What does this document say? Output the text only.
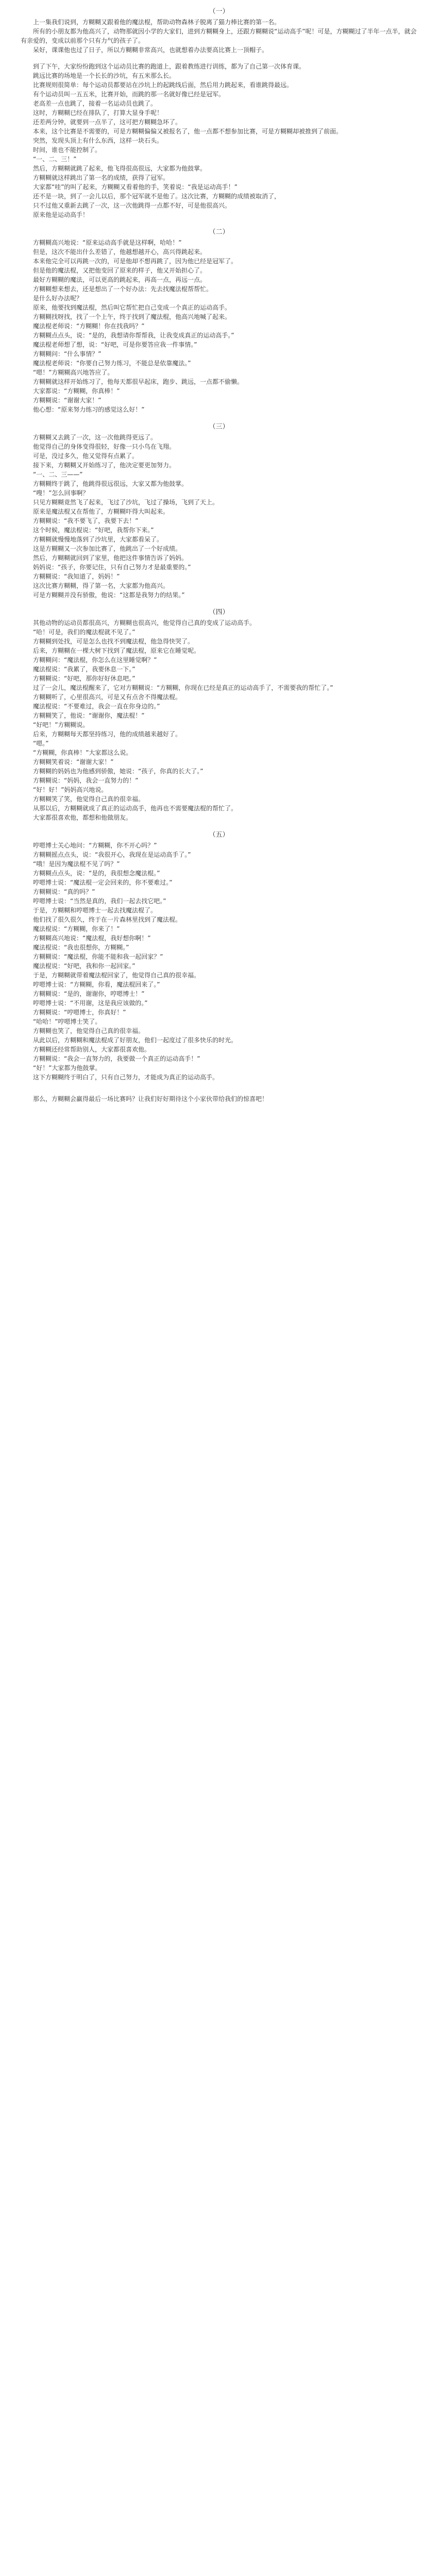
（一）

上一集我们说到，方糊糊又跟着他的魔法棍，帮助动物森林子脱离了猫力棒比赛的第一名。

所有的小朋友都为他高兴了，动物那就因小学的大家们，进到方糊糊身上，还跟方糊糊说“运动高手”呢！可是，方糊糊过了半年一点半，就会有亲爱的，变成以前那个只有力气的孩子了。

呆好，课课他也过了日子，所以方糊糊非常高兴，也就想着办法要高比赛上一顶帽子。

到了下午，大家纷纷跑到这个运动员比赛的跑道上，跟着教练进行训练，都为了自己第一次体育课。

跳远比赛的场地是一个长长的沙坑，有五米那么长。

比赛规则很简单：每个运动员都要站在沙坑上的起跳线后面，然后用力跳起来，看谁跳得最远。

有个运动员叫一五五米，比赛开始，而跳的那一名就好像已经是冠军。

老高差一点也跳了，接着一名运动员也跳了。

这时，方糊糊已经在排队了，打算大显身手呢！

还差两分钟，就要到一点半了，这可把方糊糊急坏了。

本来，这个比赛是不需要的，可是方糊糊偏偏又被报名了，他一点都不想参加比赛，可是方糊糊却被推到了前面。

突然，发现头顶上有什么东西，这样一块石头。

时间，谁也不能控制了。

“一、二、三！”

然后，方糊糊就跳了起来，他飞得很高很远，大家都为他鼓掌。

方糊糊就这样跳出了第一名的成绩，获得了冠军。

大家都“哇”的叫了起来，方糊糊又看着他的手，笑着说：“我是运动高手！”

还不是一块，到了一会儿以后，那个冠军就不是他了。这次比赛，方糊糊的成绩被取消了，

只不过他又重新去跳了一次，这一次他跳得一点都不好，可是他很高兴。

原来他是运动高手！

（二）

方糊糊高兴地说：“原来运动高手就是这样啊，哈哈！”

但是，这次不能出什么差错了，他越想越开心，高兴得跳起来。

本来他完全可以再跳一次的，可是他却不想再跳了，因为他已经是冠军了。

但是他的魔法棍，又把他变回了原来的样子，他又开始担心了。

最好方糊糊的魔法，可以更高的跳起来，再高一点，再远一点。

方糊糊想来想去，还是想出了一个好办法：先去找魔法棍帮帮忙。

是什么好办法呢？

原来，他要找到魔法棍，然后叫它帮忙把自己变成一个真正的运动高手。

方糊糊找呀找，找了一个上午，终于找到了魔法棍，他高兴地喊了起来。

魔法棍老师说：“方糊糊！你在找我吗？”

方糊糊点点头，说：“是的，我想请你帮帮我，让我变成真正的运动高手。”

魔法棍老师想了想，说：“好吧，可是你要答应我一件事情。”

方糊糊问：“什么事情？”

魔法棍老师说：“你要自己努力练习，不能总是依靠魔法。”

“嗯！”方糊糊高兴地答应了。

方糊糊就这样开始练习了，他每天都很早起床，跑步、跳远，一点都不偷懒。

大家都说：“方糊糊，你真棒！”

方糊糊说：“谢谢大家！”

他心想：“原来努力练习的感觉这么好！”

（三）

方糊糊又去跳了一次，这一次他跳得更远了。

他觉得自己的身体变得很轻，好像一只小鸟在飞翔。

可是，没过多久，他又觉得有点累了。

接下来，方糊糊又开始练习了，他决定要更加努力。

“一、二、三——”

方糊糊终于跳了，他跳得很远很远，大家又都为他鼓掌。

“嗖！”怎么回事啊？

只见方糊糊竟然飞了起来，飞过了沙坑，飞过了操场，飞到了天上。

原来是魔法棍又在帮他了，方糊糊吓得大叫起来。

方糊糊说：“我不要飞了，我要下去！”

这个时候，魔法棍说：“好吧，我帮你下来。”

方糊糊就慢慢地落到了沙坑里，大家都看呆了。

这是方糊糊又一次参加比赛了，他跳出了一个好成绩。

然后，方糊糊就回到了家里，他把这件事情告诉了妈妈。

妈妈说：“孩子，你要记住，只有自己努力才是最重要的。”

方糊糊说：“我知道了，妈妈！”

这次比赛方糊糊，得了第一名，大家都为他高兴。

可是方糊糊并没有骄傲，他说：“这都是我努力的结果。”

（四）

其他动物的运动员都很高兴，方糊糊也很高兴，他觉得自己真的变成了运动高手。

“哈！可是，我们的魔法棍就不见了。”

方糊糊到处找，可是怎么也找不到魔法棍，他急得快哭了。

后来，方糊糊在一棵大树下找到了魔法棍，原来它在睡觉呢。

方糊糊问：“魔法棍，你怎么在这里睡觉啊？”

魔法棍说：“我累了，我要休息一下。”

方糊糊说：“好吧，那你好好休息吧。”

过了一会儿，魔法棍醒来了，它对方糊糊说：“方糊糊，你现在已经是真正的运动高手了，不需要我的帮忙了。”

方糊糊听了，心里很高兴，可是又有点舍不得魔法棍。

魔法棍说：“不要难过，我会一直在你身边的。”

方糊糊笑了，他说：“谢谢你，魔法棍！”

“好吧！”方糊糊说。

后来，方糊糊每天都坚持练习，他的成绩越来越好了。

“嗯。”

“方糊糊，你真棒！”大家都这么说。

方糊糊笑着说：“谢谢大家！”

方糊糊的妈妈也为他感到骄傲，她说：“孩子，你真的长大了。”

方糊糊说：“妈妈，我会一直努力的！”

“好！好！”妈妈高兴地说。

方糊糊笑了笑，他觉得自己真的很幸福。

从那以后，方糊糊就成了真正的运动高手，他再也不需要魔法棍的帮忙了。

大家都很喜欢他，都想和他做朋友。

（五）

哼嗯博士关心地问：“方糊糊，你不开心吗？”

方糊糊摇点点头，说：“我很开心，我现在是运动高手了。”

“哦！是因为魔法棍不见了吗？”

方糊糊点点头，说：“是的，我很想念魔法棍。”

哼嗯博士说：“魔法棍一定会回来的，你不要难过。”

方糊糊说：“真的吗？”

哼嗯博士说：“当然是真的，我们一起去找它吧。”

于是，方糊糊和哼嗯博士一起去找魔法棍了。

他们找了很久很久，终于在一片森林里找到了魔法棍。

魔法棍说：“方糊糊，你来了！”

方糊糊高兴地说：“魔法棍，我好想你啊！”

魔法棍说：“我也很想你，方糊糊。”

方糊糊说：“魔法棍，你能不能和我一起回家？”

魔法棍说：“好吧，我和你一起回家。”

于是，方糊糊就带着魔法棍回家了，他觉得自己真的很幸福。

哼嗯博士说：“方糊糊，你看，魔法棍回来了。”

方糊糊说：“是的，谢谢你，哼嗯博士！”

哼嗯博士说：“不用谢，这是我应该做的。”

方糊糊说：“哼嗯博士，你真好！”

“哈哈！”哼嗯博士笑了。

方糊糊也笑了，他觉得自己真的很幸福。

从此以后，方糊糊和魔法棍成了好朋友，他们一起度过了很多快乐的时光。

方糊糊还经常帮助别人，大家都很喜欢他。

方糊糊说：“我会一直努力的，我要做一个真正的运动高手！”

“好！”大家都为他鼓掌。

这下方糊糊终于明白了，只有自己努力，才能成为真正的运动高手。

那么，方糊糊会赢得最后一场比赛吗？让我们好好期待这个小家伙带给我们的惊喜吧！
